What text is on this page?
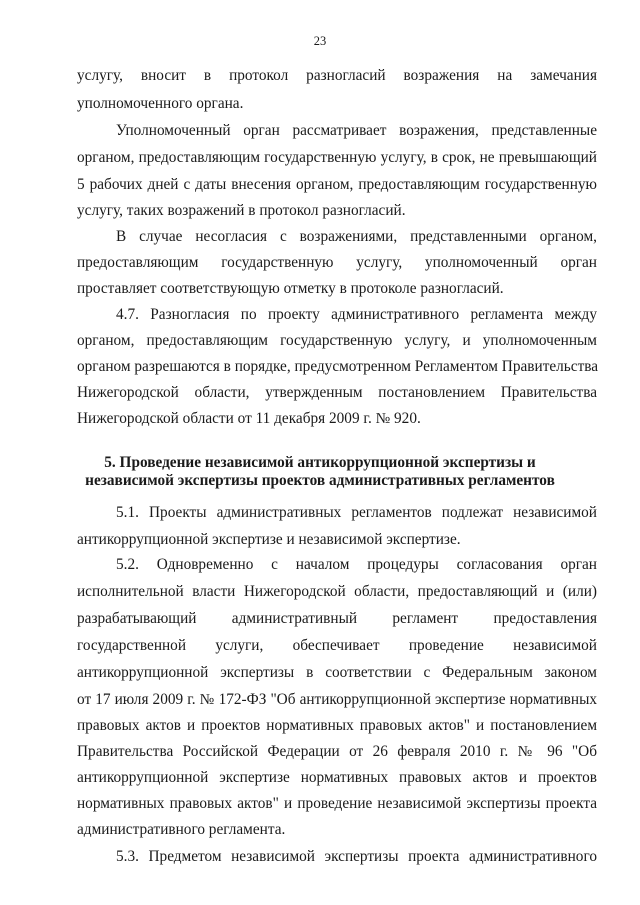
23
услугу, вносит в протокол разногласий возражения на замечания
уполномоченного органа.
Уполномоченный орган рассматривает возражения, представленные
органом, предоставляющим государственную услугу, в срок, не превышающий
5 рабочих дней с даты внесения органом, предоставляющим государственную
услугу, таких возражений в протокол разногласий.
В случае несогласия с возражениями, представленными органом,
предоставляющим государственную услугу, уполномоченный орган
проставляет соответствующую отметку в протоколе разногласий.
4.7. Разногласия по проекту административного регламента между
органом, предоставляющим государственную услугу, и уполномоченным
органом разрешаются в порядке, предусмотренном Регламентом Правительства
Нижегородской области, утвержденным постановлением Правительства
Нижегородской области от 11 декабря 2009 г. № 920.
5. Проведение независимой антикоррупционной экспертизы и
независимой экспертизы проектов административных регламентов
5.1. Проекты административных регламентов подлежат независимой
антикоррупционной экспертизе и независимой экспертизе.
5.2. Одновременно с началом процедуры согласования орган
исполнительной власти Нижегородской области, предоставляющий и (или)
разрабатывающий административный регламент предоставления
государственной услуги, обеспечивает проведение независимой
антикоррупционной экспертизы в соответствии с Федеральным законом
от 17 июля 2009 г. № 172-ФЗ "Об антикоррупционной экспертизе нормативных
правовых актов и проектов нормативных правовых актов" и постановлением
Правительства Российской Федерации от 26 февраля 2010 г. № 96 "Об
антикоррупционной экспертизе нормативных правовых актов и проектов
нормативных правовых актов" и проведение независимой экспертизы проекта
административного регламента.
5.3. Предметом независимой экспертизы проекта административного
